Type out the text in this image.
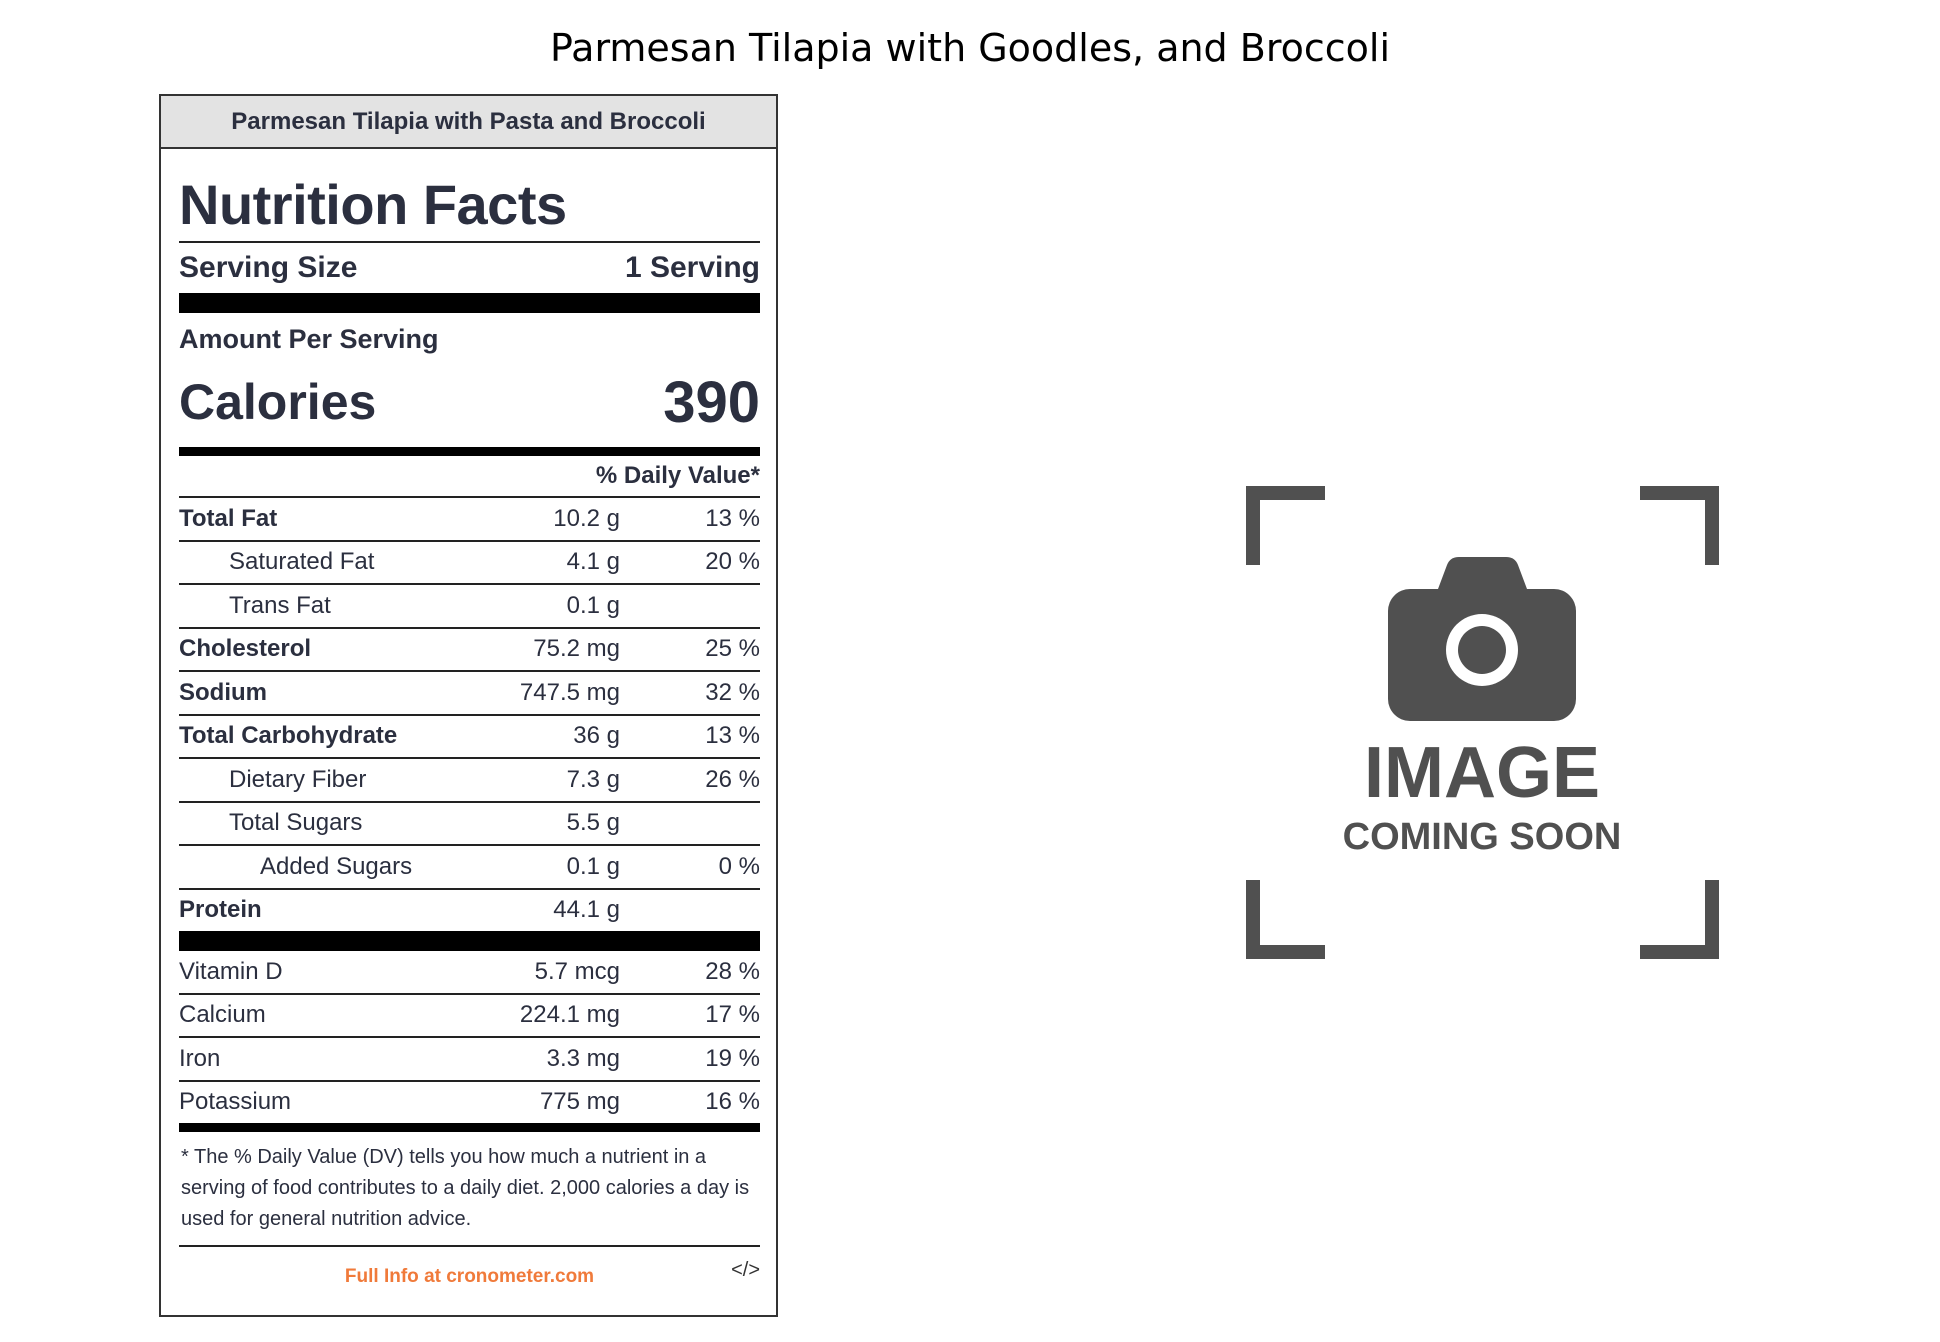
Parmesan Tilapia with Goodles, and Broccoli
Parmesan Tilapia with Pasta and Broccoli
Nutrition Facts
Serving Size	1 Serving
Amount Per Serving
Calories	390
% Daily Value*
Total Fat	10.2 g	13 %
Saturated Fat	4.1 g	20 %
Trans Fat	0.1 g
Cholesterol	75.2 mg	25 %
Sodium	747.5 mg	32 %
Total Carbohydrate	36 g	13 %
Dietary Fiber	7.3 g	26 %
Total Sugars	5.5 g
Added Sugars	0.1 g	0 %
Protein	44.1 g
Vitamin D	5.7 mcg	28 %
Calcium	224.1 mg	17 %
Iron	3.3 mg	19 %
Potassium	775 mg	16 %
* The % Daily Value (DV) tells you how much a nutrient in a serving of food contributes to a daily diet. 2,000 calories a day is used for general nutrition advice.
Full Info at cronometer.com	</>
IMAGE
COMING SOON
